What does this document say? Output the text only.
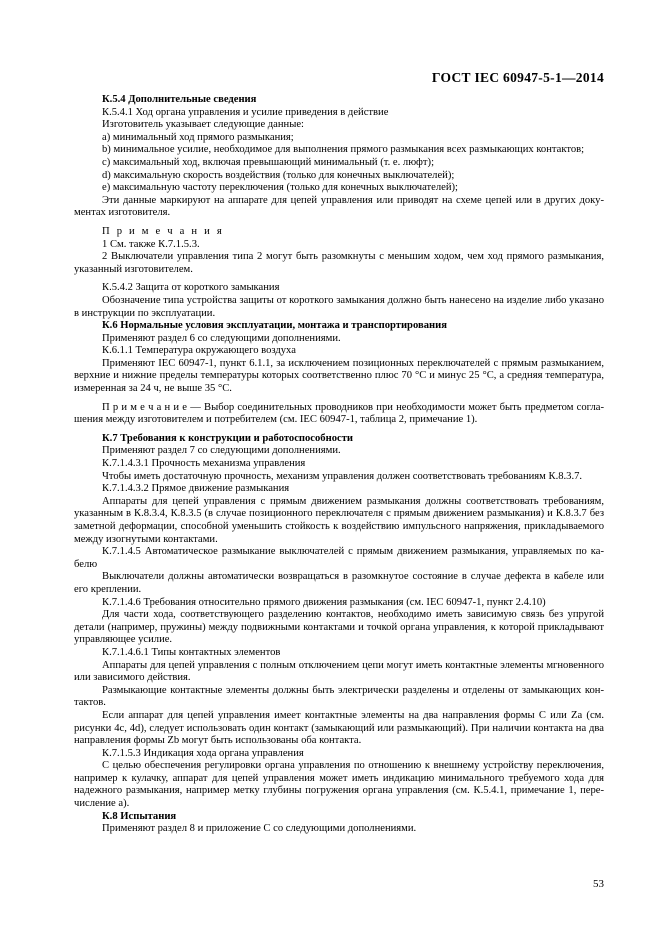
ГОСТ IEC 60947-5-1—2014

К.5.4 Дополнительные сведения

К.5.4.1 Ход органа управления и усилие приведения в действие

Изготовитель указывает следующие данные:

a) минимальный ход прямого размыкания;

b) минимальное усилие, необходимое для выполнения прямого размыкания всех размыкающих контактов;

c) максимальный ход, включая превышающий минимальный (т. е. люфт);

d) максимальную скорость воздействия (только для конечных выключателей);

e) максимальную частоту переключения (только для конечных выключателей);

Эти данные маркируют на аппарате для цепей управления или приводят на схеме цепей или в других документах изготовителя.

П р и м е ч а н и я

1 См. также К.7.1.5.3.

2 Выключатели управления типа 2 могут быть разомкнуты с меньшим ходом, чем ход прямого размыкания, указанный изготовителем.

К.5.4.2 Защита от короткого замыкания

Обозначение типа устройства защиты от короткого замыкания должно быть нанесено на изделие либо указано в инструкции по эксплуатации.

К.6 Нормальные условия эксплуатации, монтажа и транспортирования

Применяют раздел 6 со следующими дополнениями.

К.6.1.1 Температура окружающего воздуха

Применяют IEC 60947-1, пункт 6.1.1, за исключением позиционных переключателей с прямым размыканием, верхние и нижние пределы температуры которых соответственно плюс 70 °С и минус 25 °С, а средняя температура, измеренная за 24 ч, не выше 35 °С.

П р и м е ч а н и е — Выбор соединительных проводников при необходимости может быть предметом соглашения между изготовителем и потребителем (см. IEC 60947-1, таблица 2, примечание 1).

К.7 Требования к конструкции и работоспособности

Применяют раздел 7 со следующими дополнениями.

К.7.1.4.3.1 Прочность механизма управления

Чтобы иметь достаточную прочность, механизм управления должен соответствовать требованиям К.8.3.7.

К.7.1.4.3.2 Прямое движение размыкания

Аппараты для цепей управления с прямым движением размыкания должны соответствовать требованиям, указанным в К.8.3.4, К.8.3.5 (в случае позиционного переключателя с прямым движением размыкания) и К.8.3.7 без заметной деформации, способной уменьшить стойкость к воздействию импульсного напряжения, прикладываемого между изогнутыми контактами.

К.7.1.4.5 Автоматическое размыкание выключателей с прямым движением размыкания, управляемых по кабелю

Выключатели должны автоматически возвращаться в разомкнутое состояние в случае дефекта в кабеле или его креплении.

К.7.1.4.6 Требования относительно прямого движения размыкания (см. IEC 60947-1, пункт 2.4.10)

Для части хода, соответствующего разделению контактов, необходимо иметь зависимую связь без упругой детали (например, пружины) между подвижными контактами и точкой органа управления, к которой прикладывают управляющее усилие.

К.7.1.4.6.1 Типы контактных элементов

Аппараты для цепей управления с полным отключением цепи могут иметь контактные элементы мгновенного или зависимого действия.

Размыкающие контактные элементы должны быть электрически разделены и отделены от замыкающих контактов.

Если аппарат для цепей управления имеет контактные элементы на два направления формы С или Za (см. рисунки 4с, 4d), следует использовать один контакт (замыкающий или размыкающий). При наличии контакта на два направления формы Zb могут быть использованы оба контакта.

К.7.1.5.3 Индикация хода органа управления

С целью обеспечения регулировки органа управления по отношению к внешнему устройству переключения, например к кулачку, аппарат для цепей управления может иметь индикацию минимального требуемого хода для надежного размыкания, например метку глубины погружения органа управления (см. К.5.4.1, примечание 1, перечисление а).

К.8 Испытания

Применяют раздел 8 и приложение С со следующими дополнениями.

53
